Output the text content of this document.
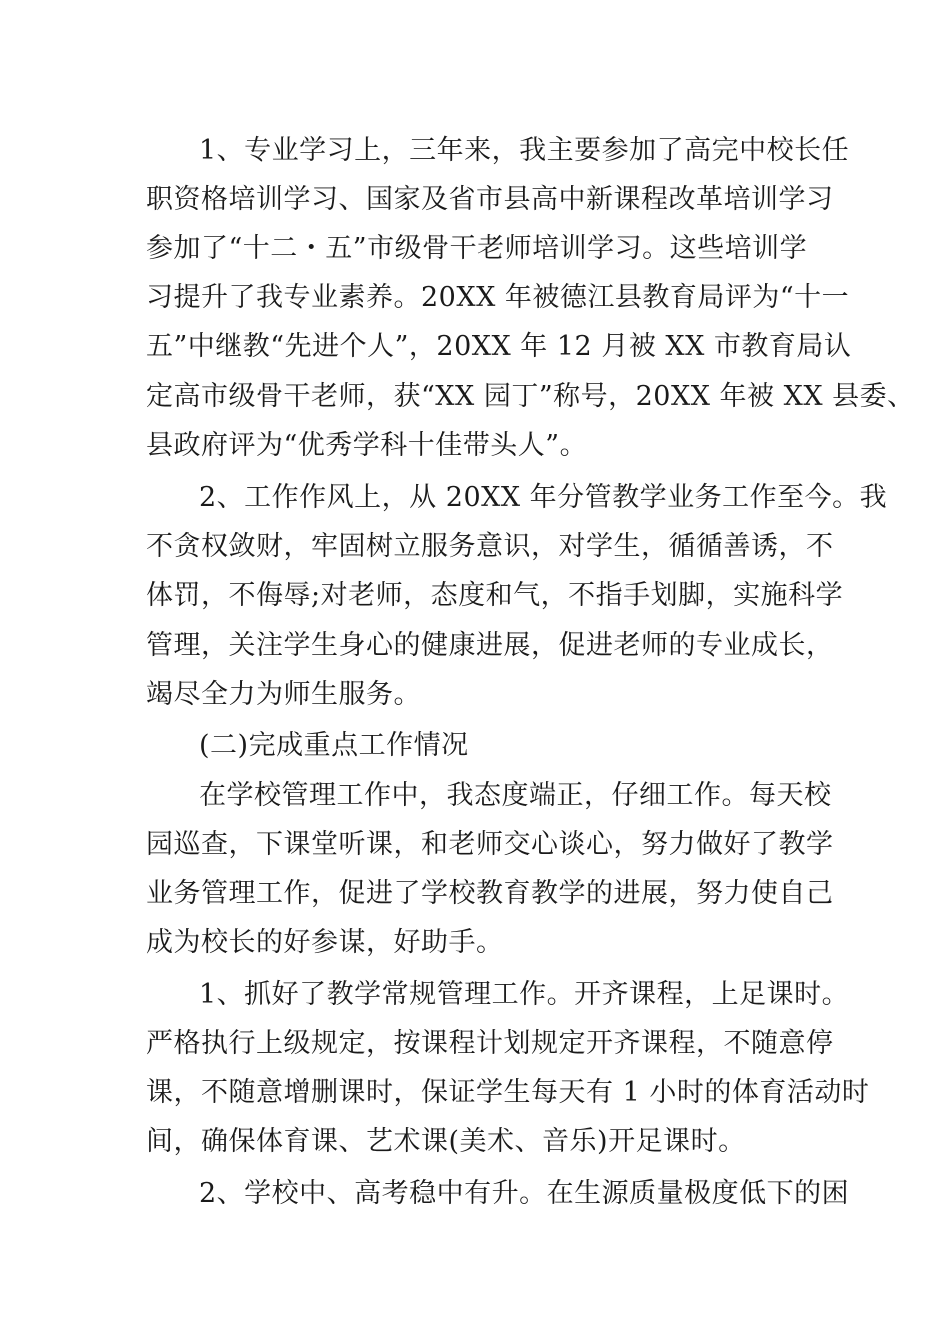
1、专业学习上，三年来，我主要参加了高完中校长任
职资格培训学习、国家及省市县高中新课程改革培训学习
参加了“十二・五”市级骨干老师培训学习。这些培训学
习提升了我专业素养。20XX 年被德江县教育局评为“十一
五”中继教“先进个人”，20XX 年 12 月被 XX 市教育局认
定高市级骨干老师，获“XX 园丁”称号，20XX 年被 XX 县委、
县政府评为“优秀学科十佳带头人”。
2、工作作风上，从 20XX 年分管教学业务工作至今。我
不贪权敛财，牢固树立服务意识，对学生，循循善诱，不
体罚，不侮辱;对老师，态度和气，不指手划脚，实施科学
管理，关注学生身心的健康进展，促进老师的专业成长，
竭尽全力为师生服务。
(二)完成重点工作情况
在学校管理工作中，我态度端正，仔细工作。每天校
园巡查，下课堂听课，和老师交心谈心，努力做好了教学
业务管理工作，促进了学校教育教学的进展，努力使自己
成为校长的好参谋，好助手。
1、抓好了教学常规管理工作。开齐课程，上足课时。
严格执行上级规定，按课程计划规定开齐课程，不随意停
课，不随意增删课时，保证学生每天有 1 小时的体育活动时
间，确保体育课、艺术课(美术、音乐)开足课时。
2、学校中、高考稳中有升。在生源质量极度低下的困
